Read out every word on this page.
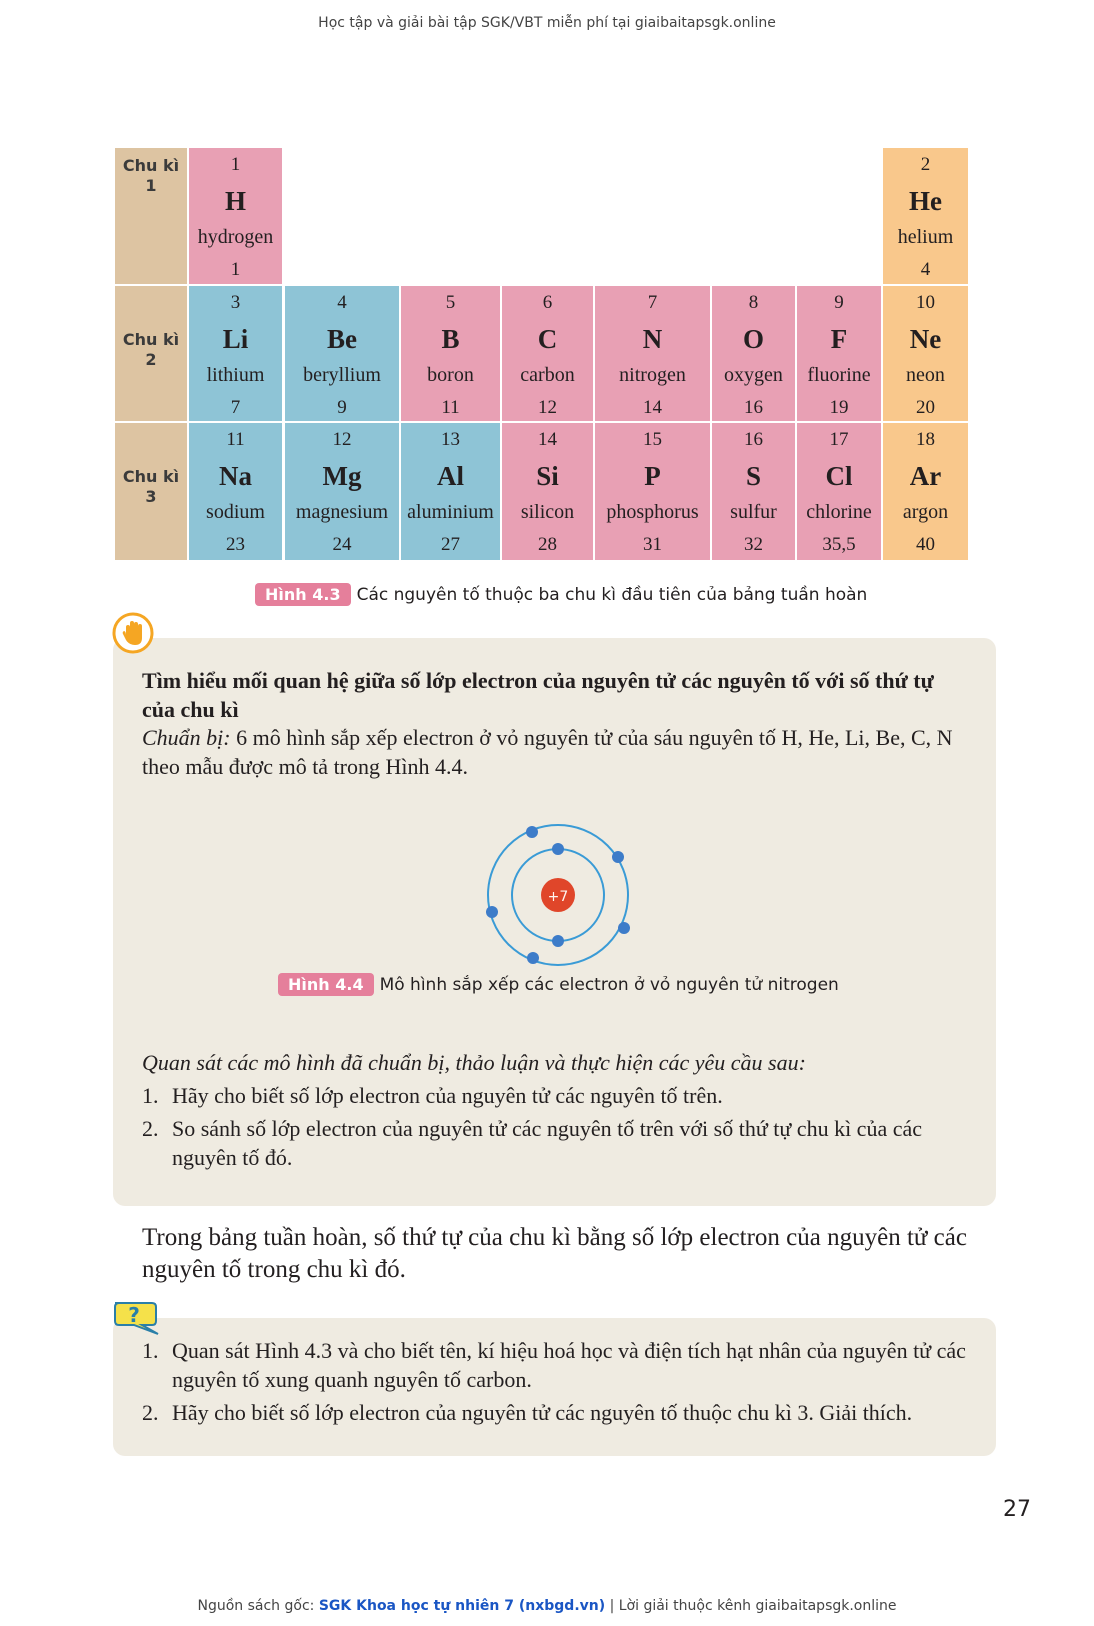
Học tập và giải bài tập SGK/VBT miễn phí tại giaibaitapsgk.online
Chu kì
1
Chu kì
2
Chu kì
3
1
H
hydrogen
1
2
He
helium
4
3
Li
lithium
7
4
Be
beryllium
9
5
B
boron
11
6
C
carbon
12
7
N
nitrogen
14
8
O
oxygen
16
9
F
fluorine
19
10
Ne
neon
20
11
Na
sodium
23
12
Mg
magnesium
24
13
Al
aluminium
27
14
Si
silicon
28
15
P
phosphorus
31
16
S
sulfur
32
17
Cl
chlorine
35,5
18
Ar
argon
40
Hình 4.3 Các nguyên tố thuộc ba chu kì đầu tiên của bảng tuần hoàn
Tìm hiểu mối quan hệ giữa số lớp electron của nguyên tử các nguyên tố với số thứ tự của chu kì
Chuẩn bị: 6 mô hình sắp xếp electron ở vỏ nguyên tử của sáu nguyên tố H, He, Li, Be, C, N theo mẫu được mô tả trong Hình 4.4.
+7
Hình 4.4 Mô hình sắp xếp các electron ở vỏ nguyên tử nitrogen
Quan sát các mô hình đã chuẩn bị, thảo luận và thực hiện các yêu cầu sau:
1. Hãy cho biết số lớp electron của nguyên tử các nguyên tố trên.
2. So sánh số lớp electron của nguyên tử các nguyên tố trên với số thứ tự chu kì của các nguyên tố đó.
Trong bảng tuần hoàn, số thứ tự của chu kì bằng số lớp electron của nguyên tử các nguyên tố trong chu kì đó.
?
1. Quan sát Hình 4.3 và cho biết tên, kí hiệu hoá học và điện tích hạt nhân của nguyên tử các nguyên tố xung quanh nguyên tố carbon.
2. Hãy cho biết số lớp electron của nguyên tử các nguyên tố thuộc chu kì 3. Giải thích.
27
Nguồn sách gốc: SGK Khoa học tự nhiên 7 (nxbgd.vn) | Lời giải thuộc kênh giaibaitapsgk.online
